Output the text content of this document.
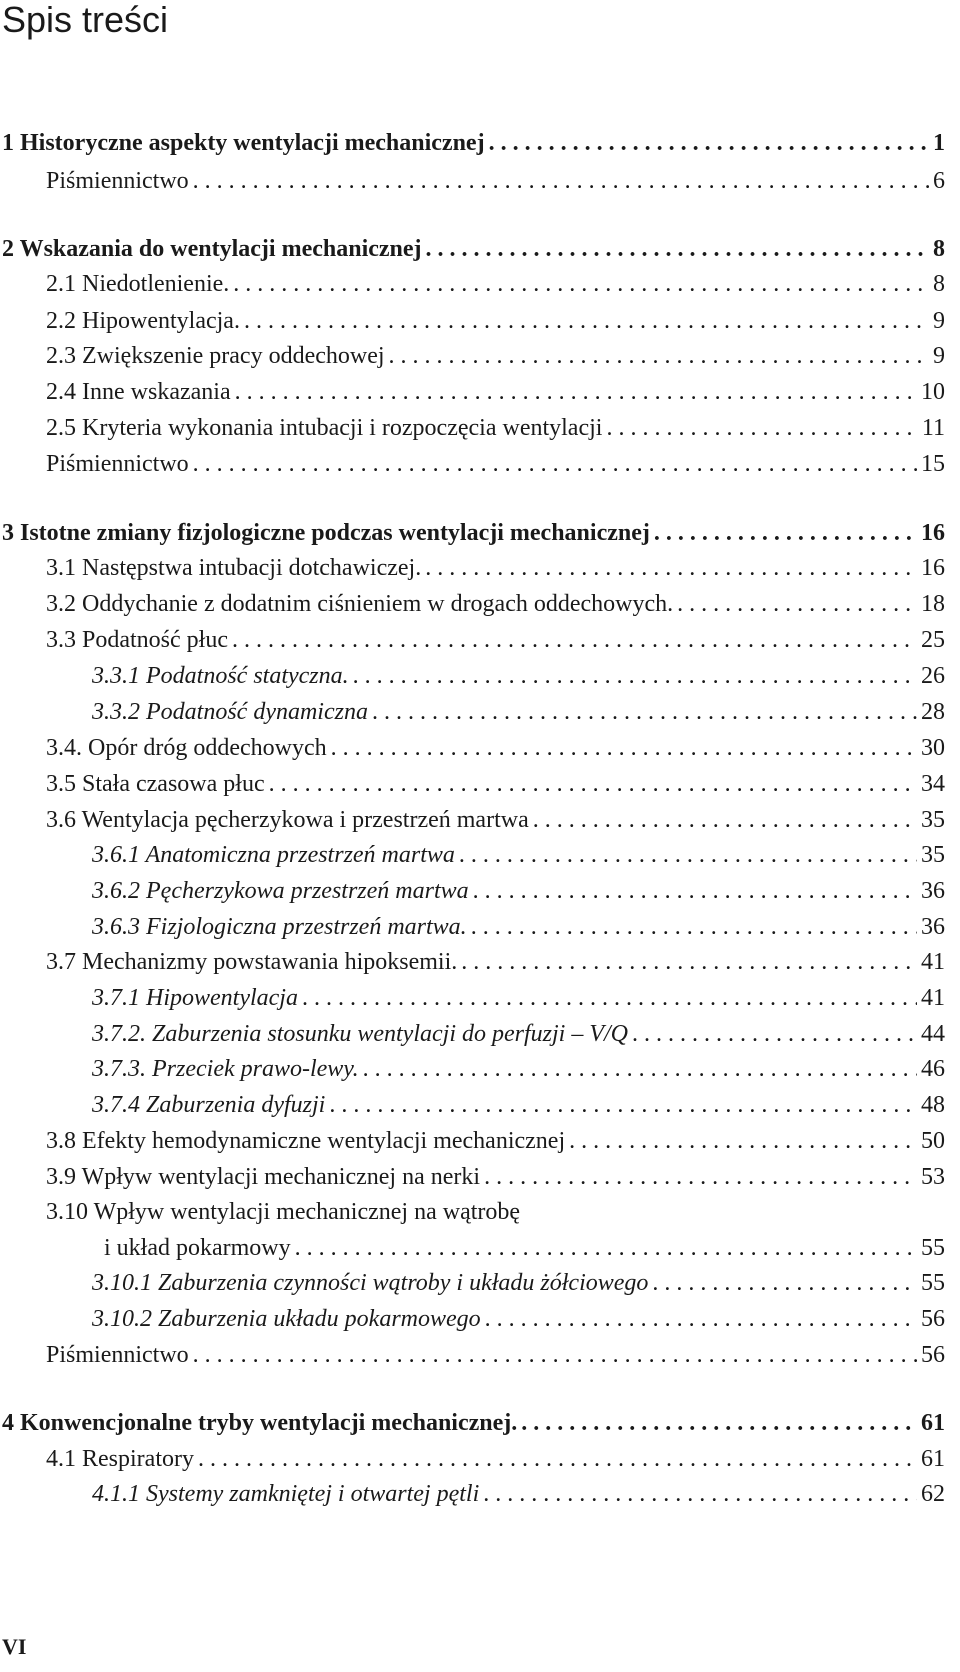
Spis treści
1 Historyczne aspekty wentylacji mechanicznej . . .	1
Piśmiennictwo . . .	6
2 Wskazania do wentylacji mechanicznej . . .	8
2.1 Niedotlenienie. . . .	8
2.2 Hipowentylacja. . . .	9
2.3 Zwiększenie pracy oddechowej . . .	9
2.4 Inne wskazania . . .	10
2.5 Kryteria wykonania intubacji i rozpoczęcia wentylacji . . .	11
Piśmiennictwo . . .	15
3 Istotne zmiany fizjologiczne podczas wentylacji mechanicznej . . .	16
3.1 Następstwa intubacji dotchawiczej. . . .	16
3.2 Oddychanie z dodatnim ciśnieniem w drogach oddechowych. . . .	18
3.3 Podatność płuc . . .	25
3.3.1 Podatność statyczna. . . .	26
3.3.2 Podatność dynamiczna . . .	28
3.4. Opór dróg oddechowych . . .	30
3.5 Stała czasowa płuc . . .	34
3.6 Wentylacja pęcherzykowa i przestrzeń martwa . . .	35
3.6.1 Anatomiczna przestrzeń martwa . . .	35
3.6.2 Pęcherzykowa przestrzeń martwa . . .	36
3.6.3 Fizjologiczna przestrzeń martwa. . . .	36
3.7 Mechanizmy powstawania hipoksemii. . . .	41
3.7.1 Hipowentylacja . . .	41
3.7.2. Zaburzenia stosunku wentylacji do perfuzji – V/Q . . .	44
3.7.3. Przeciek prawo-lewy. . . .	46
3.7.4 Zaburzenia dyfuzji . . .	48
3.8 Efekty hemodynamiczne wentylacji mechanicznej . . .	50
3.9 Wpływ wentylacji mechanicznej na nerki . . .	53
3.10 Wpływ wentylacji mechanicznej na wątrobę
i układ pokarmowy . . .	55
3.10.1 Zaburzenia czynności wątroby i układu żółciowego . . .	55
3.10.2 Zaburzenia układu pokarmowego . . .	56
Piśmiennictwo . . .	56
4 Konwencjonalne tryby wentylacji mechanicznej. . . .	61
4.1 Respiratory . . .	61
4.1.1 Systemy zamkniętej i otwartej pętli . . .	62
VI
